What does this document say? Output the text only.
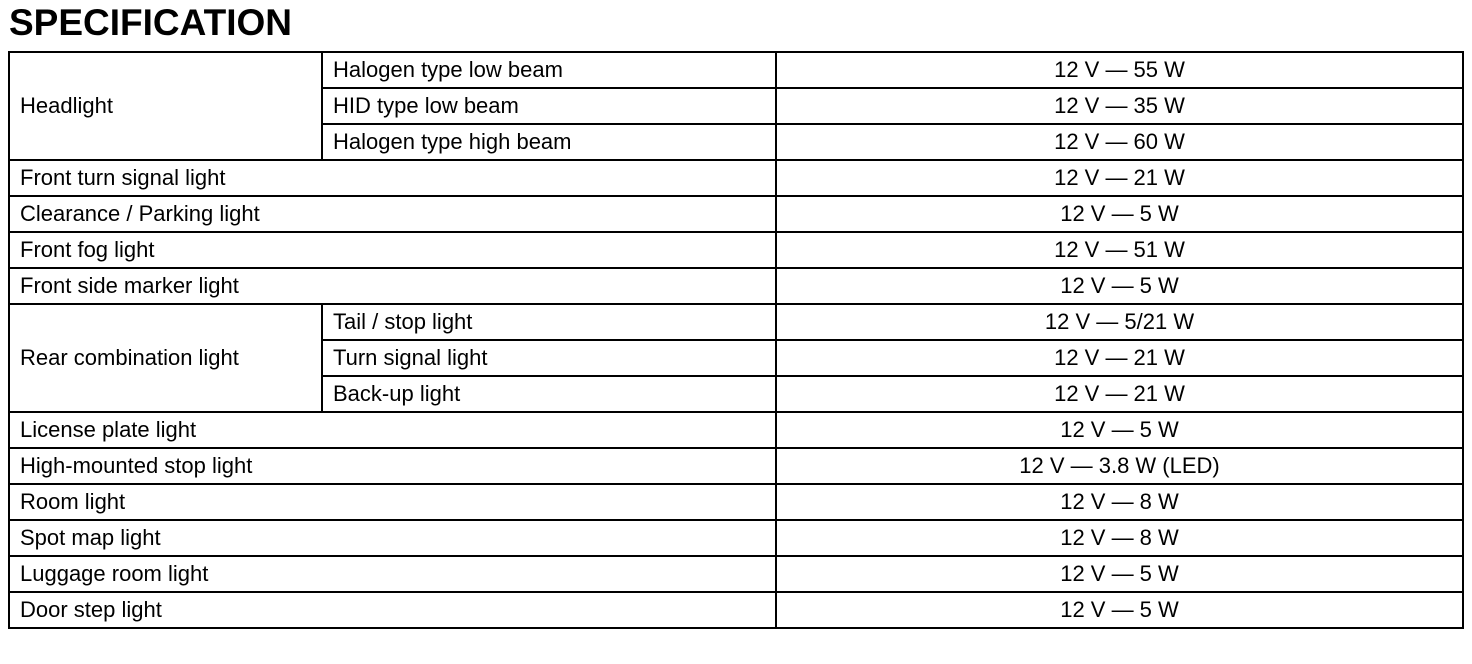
SPECIFICATION
Headlight	Halogen type low beam	12 V — 55 W
	HID type low beam	12 V — 35 W
	Halogen type high beam	12 V — 60 W
Front turn signal light		12 V — 21 W
Clearance / Parking light		12 V — 5 W
Front fog light		12 V — 51 W
Front side marker light		12 V — 5 W
Rear combination light	Tail / stop light	12 V — 5/21 W
	Turn signal light	12 V — 21 W
	Back-up light	12 V — 21 W
License plate light		12 V — 5 W
High-mounted stop light		12 V — 3.8 W (LED)
Room light		12 V — 8 W
Spot map light		12 V — 8 W
Luggage room light		12 V — 5 W
Door step light		12 V — 5 W
